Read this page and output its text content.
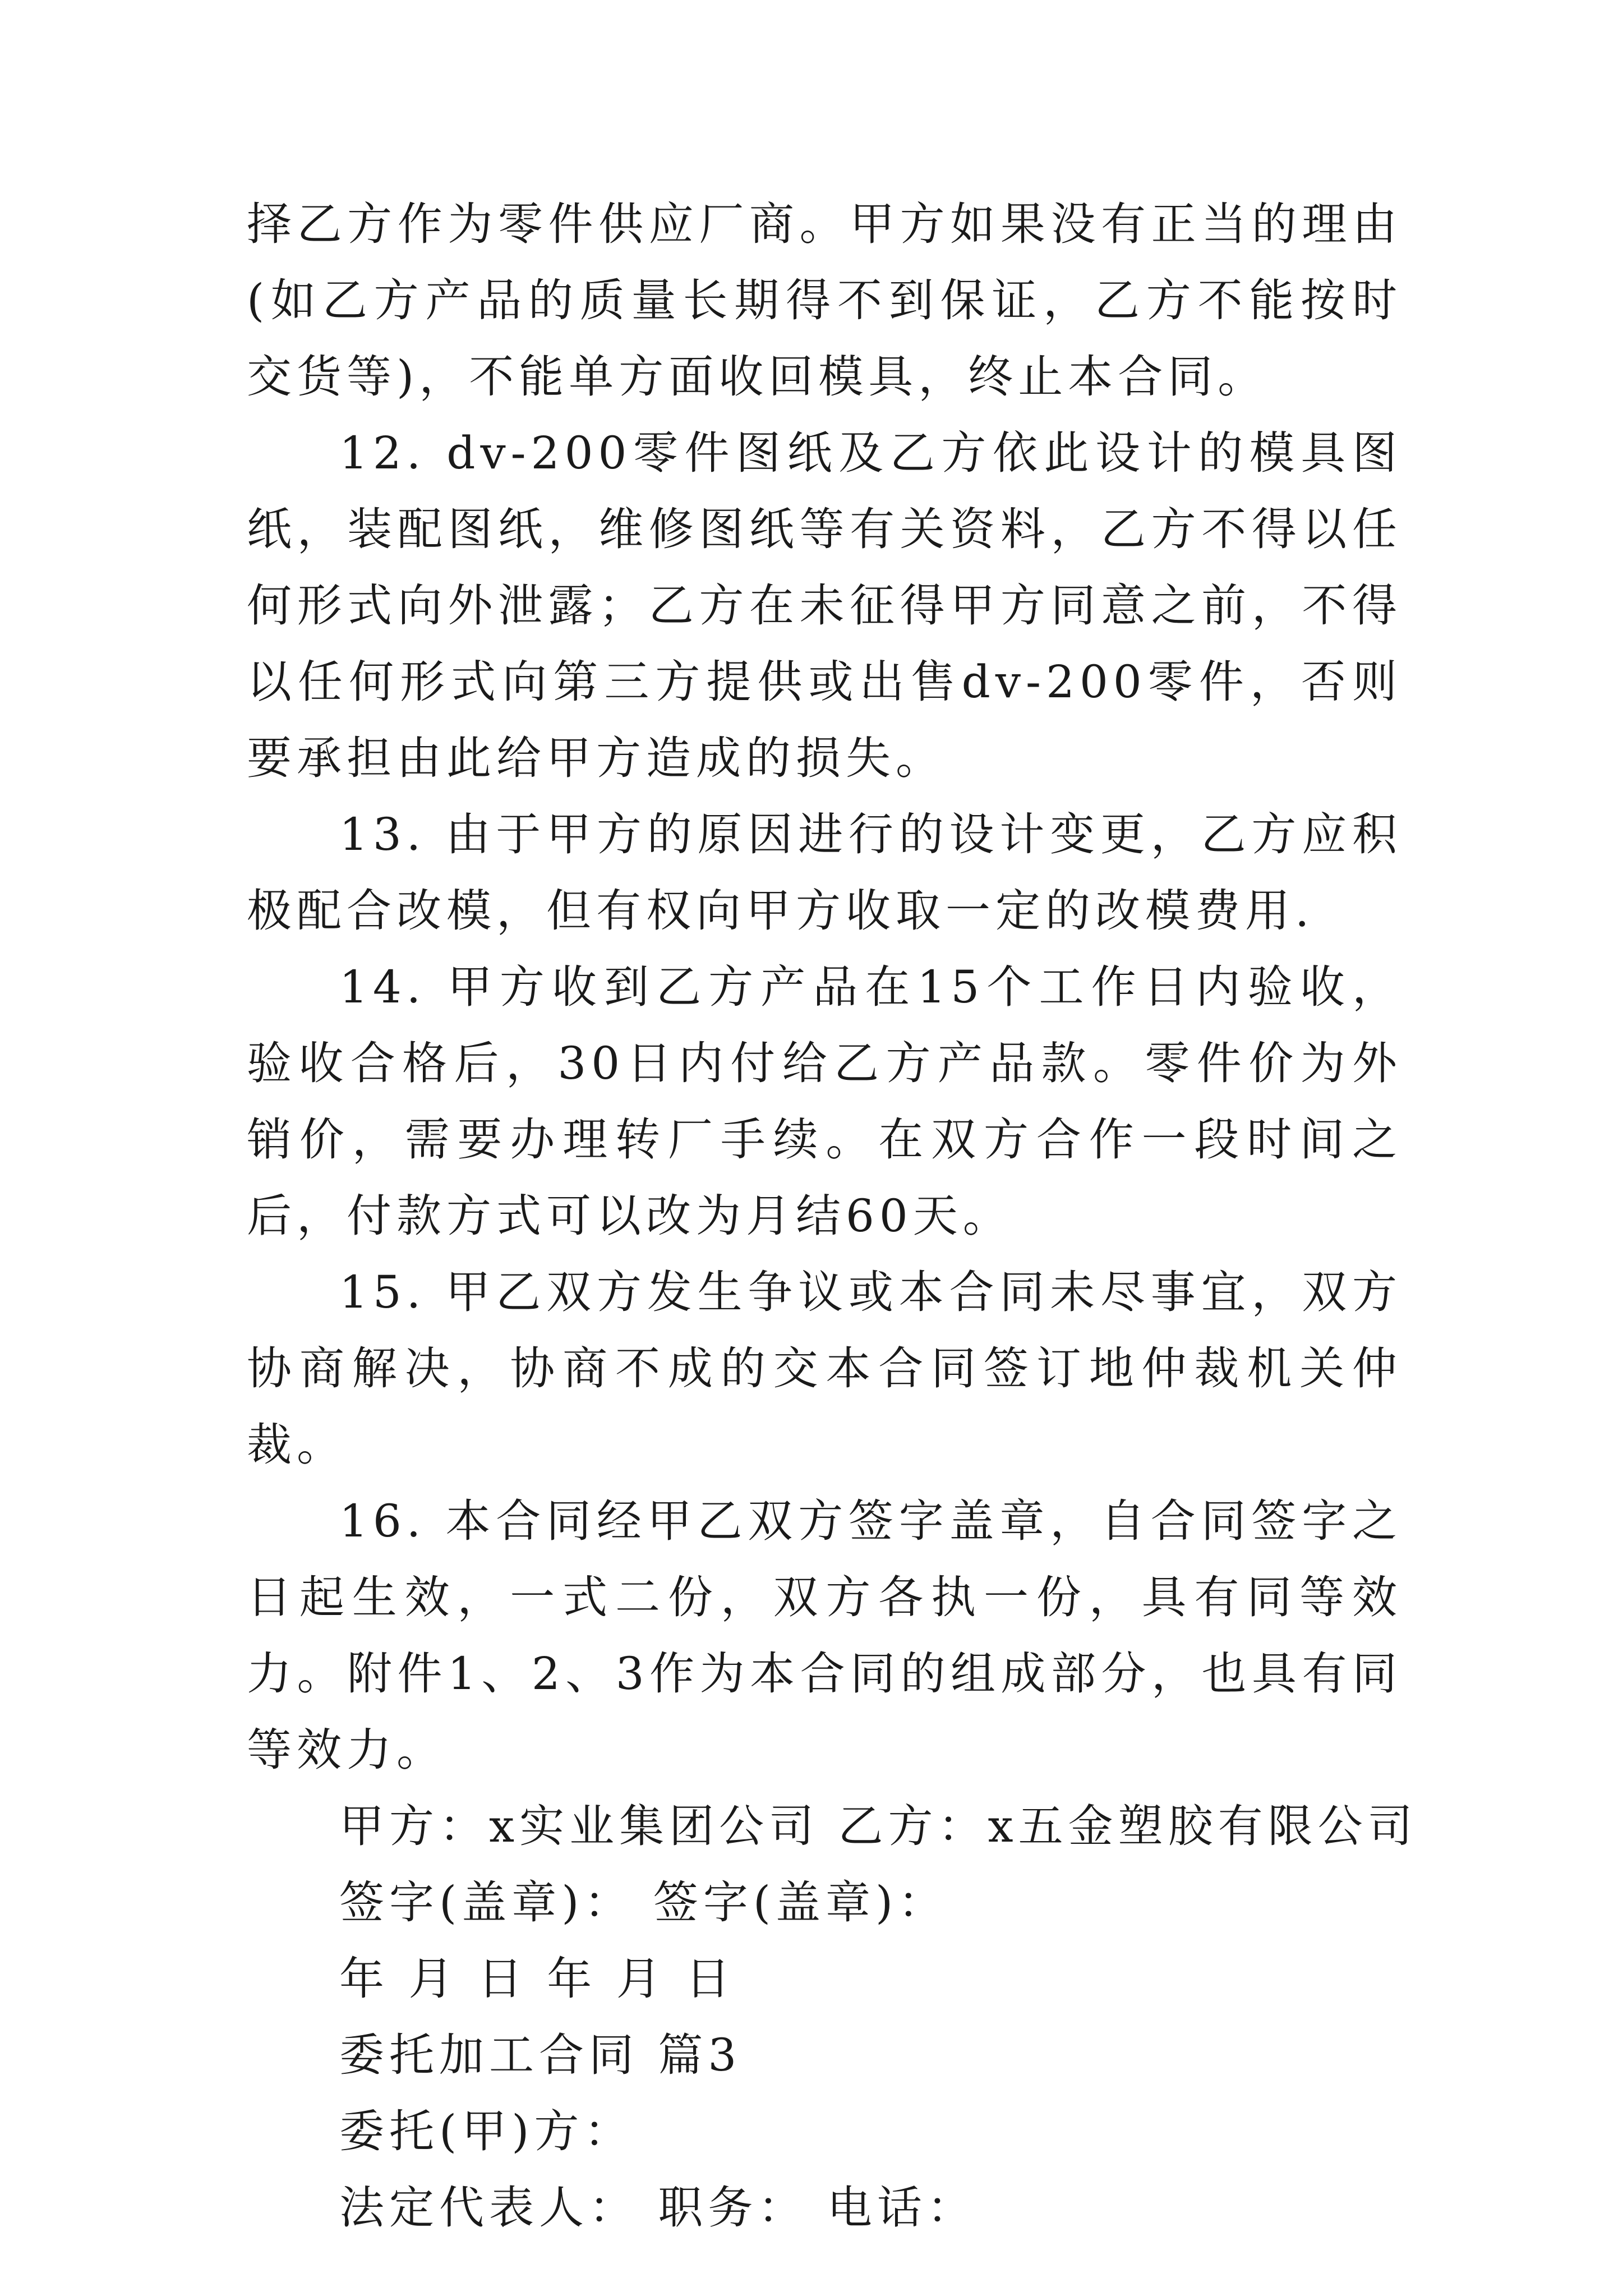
择乙方作为零件供应厂商。甲方如果没有正当的理由(如乙方产品的质量长期得不到保证，乙方不能按时交货等)，不能单方面收回模具，终止本合同。

12. dv-200零件图纸及乙方依此设计的模具图纸，装配图纸，维修图纸等有关资料，乙方不得以任何形式向外泄露；乙方在未征得甲方同意之前，不得以任何形式向第三方提供或出售dv-200零件，否则要承担由此给甲方造成的损失。

13. 由于甲方的原因进行的设计变更，乙方应积极配合改模，但有权向甲方收取一定的改模费用.

14. 甲方收到乙方产品在15个工作日内验收，验收合格后，30日内付给乙方产品款。零件价为外销价，需要办理转厂手续。在双方合作一段时间之后，付款方式可以改为月结60天。

15. 甲乙双方发生争议或本合同未尽事宜，双方协商解决，协商不成的交本合同签订地仲裁机关仲裁。

16. 本合同经甲乙双方签字盖章，自合同签字之日起生效，一式二份，双方各执一份，具有同等效力。附件1、2、3作为本合同的组成部分，也具有同等效力。

甲方：x实业集团公司 乙方：x五金塑胶有限公司

签字(盖章)： 签字(盖章)：

年 月 日 年 月 日

委托加工合同 篇3

委托(甲)方：

法定代表人： 职务： 电话：
